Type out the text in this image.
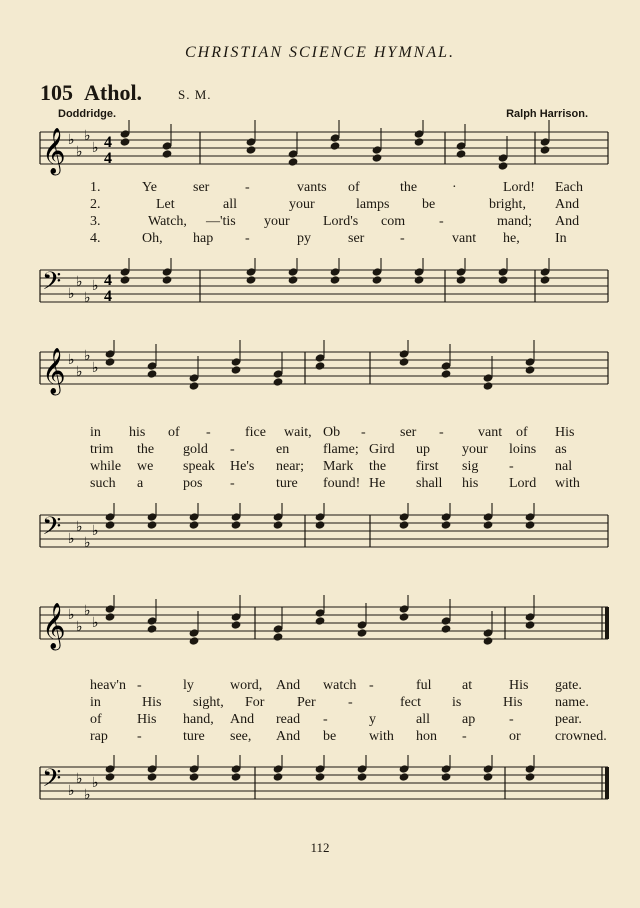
CHRISTIAN SCIENCE HYMNAL.
105 Athol.	S. M.
Doddridge.	Ralph Harrison.
𝄞 ♭
♭
♭
♭ 4
4
1.	Ye	ser	-	vants of	the ·	Lord! Each
2.	Let	all	your	lamps be	bright, And
3.	Watch, —'tis your Lord's com -	mand; And
4.	Oh, hap -	py	ser	-	vant he,	In
𝄢 ♭
♭
♭
♭ 4
4
𝄞 ♭
♭
♭
♭
in his of - fice wait, Ob - ser - vant of His
trim the gold -	en flame; Gird up your loins as
while we speak He's near; Mark the first sig -	nal
such a	pos -	ture found! He shall his Lord with
𝄢 ♭
♭
♭
♭
𝄞 ♭
♭
♭
♭
heav'n -	ly	word, And watch -	ful at	His gate.
in	His sight, For Per -	fect is	His name.
of	His hand, And read -	y	all ap -	pear.
rap -	ture see, And be with hon -	or crowned.
𝄢 ♭
♭
♭
♭
112
